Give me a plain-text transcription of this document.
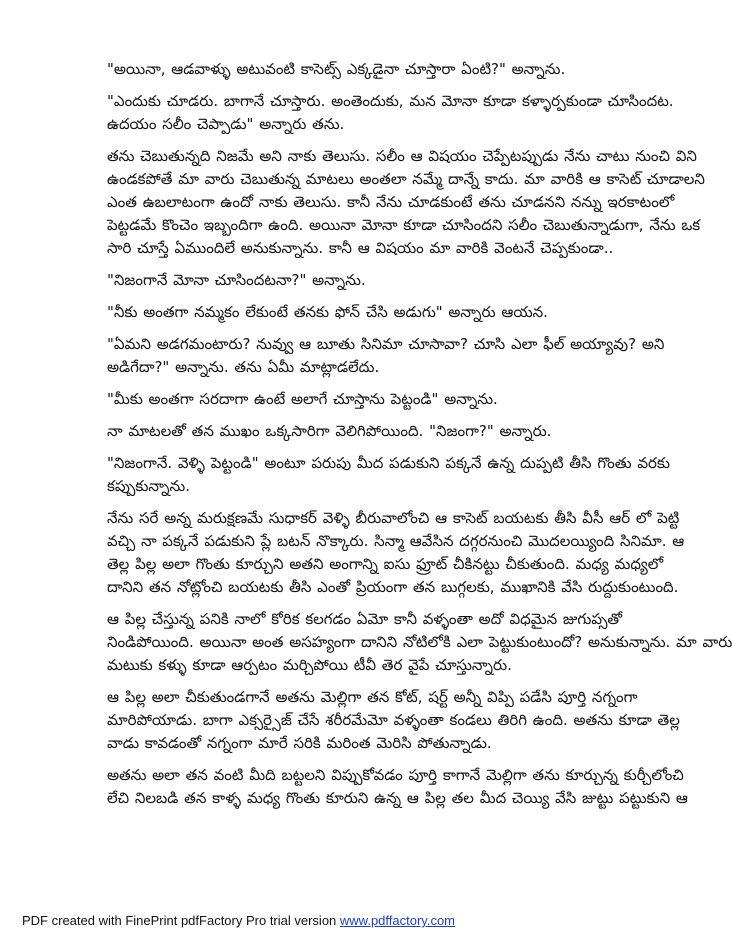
"అయినా, ఆడవాళ్ళు అటువంటి కాసెట్స్ ఎక్కడైనా చూస్తారా ఏంటి?" అన్నాను.
"ఎందుకు చూడరు. బాగానే చూస్తారు. అంతెందుకు, మన మోనా కూడా కళ్ళార్పకుండా చూసిందట.
ఉదయం సలీం చెప్పాడు" అన్నారు తను.
తను చెబుతున్నది నిజమే అని నాకు తెలుసు. సలీం ఆ విషయం చెప్పేటప్పుడు నేను చాటు నుంచి విని
ఉండకపోతే మా వారు చెబుతున్న మాటలు అంతలా నమ్మే దాన్నే కాదు. మా వారికి ఆ కాసెట్ చూడాలని
ఎంత ఉబలాటంగా ఉందో నాకు తెలుసు. కానీ నేను చూడకుంటే తను చూడనని నన్ను ఇరకాటంలో
పెట్టడమే కొంచెం ఇబ్బందిగా ఉంది. అయినా మోనా కూడా చూసిందని సలీం చెబుతున్నాడుగా, నేను ఒక
సారి చూస్తే ఏముందిలే అనుకున్నాను. కానీ ఆ విషయం మా వారికి వెంటనే చెప్పకుండా..
"నిజంగానే మోనా చూసిందటనా?" అన్నాను.
"నీకు అంతగా నమ్మకం లేకుంటే తనకు ఫోన్ చేసి అడుగు" అన్నారు ఆయన.
"ఏమని అడగమంటారు? నువ్వు ఆ బూతు సినిమా చూసావా? చూసి ఎలా ఫీల్ అయ్యావు? అని
అడిగేదా?" అన్నాను. తను ఏమీ మాట్లాడలేదు.
"మీకు అంతగా సరదాగా ఉంటే అలాగే చూస్తాను పెట్టండి" అన్నాను.
నా మాటలతో తన ముఖం ఒక్కసారిగా వెలిగిపోయింది. "నిజంగా?" అన్నారు.
"నిజంగానే. వెళ్ళి పెట్టండి" అంటూ పరుపు మీద పడుకుని పక్కనే ఉన్న దుప్పటి తీసి గొంతు వరకు
కప్పుకున్నాను.
నేను సరే అన్న మరుక్షణమే సుధాకర్ వెళ్ళి బీరువాలోంచి ఆ కాసెట్ బయటకు తీసి వీసీ ఆర్ లో పెట్టి
వచ్చి నా పక్కనే పడుకుని ప్లే బటన్ నొక్కారు. సిన్మా ఆవేసిన దగ్గరనుంచి మొదలయ్యింది సినిమా. ఆ
తెల్ల పిల్ల అలా గొంతు కూర్చుని అతని అంగాన్ని ఐసు ఫ్రూట్ చీకినట్టు చీకుతుంది. మధ్య మధ్యలో
దానిని తన నోట్లోంచి బయటకు తీసి ఎంతో ప్రియంగా తన బుగ్గలకు, ముఖానికి వేసి రుద్దుకుంటుంది.
ఆ పిల్ల చేస్తున్న పనికి నాలో కోరిక కలగడం ఏమో కానీ వళ్ళంతా అదో విధమైన జుగుప్సతో
నిండిపోయింది. అయినా అంత అసహ్యంగా దానిని నోటిలోకి ఎలా పెట్టుకుంటుందో? అనుకున్నాను. మా వారు
మటుకు కళ్ళు కూడా ఆర్పటం మర్చిపోయి టీవీ తెర వైపే చూస్తున్నారు.
ఆ పిల్ల అలా చీకుతుండగానే అతను మెల్లిగా తన కోట్, షర్ట్ అన్నీ విప్పి పడేసి పూర్తి నగ్నంగా
మారిపోయాడు. బాగా ఎక్సర్సైజ్ చేసే శరీరమేమో వళ్ళంతా కండలు తిరిగి ఉంది. అతను కూడా తెల్ల
వాడు కావడంతో నగ్నంగా మారే సరికి మరింత మెరిసి పోతున్నాడు.
అతను అలా తన వంటి మీది బట్టలని విప్పుకోవడం పూర్తి కాగానే మెల్లిగా తను కూర్చున్న కుర్చీలోంచి
లేచి నిలబడి తన కాళ్ళ మధ్య గొంతు కూరుని ఉన్న ఆ పిల్ల తల మీద చెయ్యి వేసి జుట్టు పట్టుకుని ఆ
PDF created with FinePrint pdfFactory Pro trial version www.pdffactory.com
